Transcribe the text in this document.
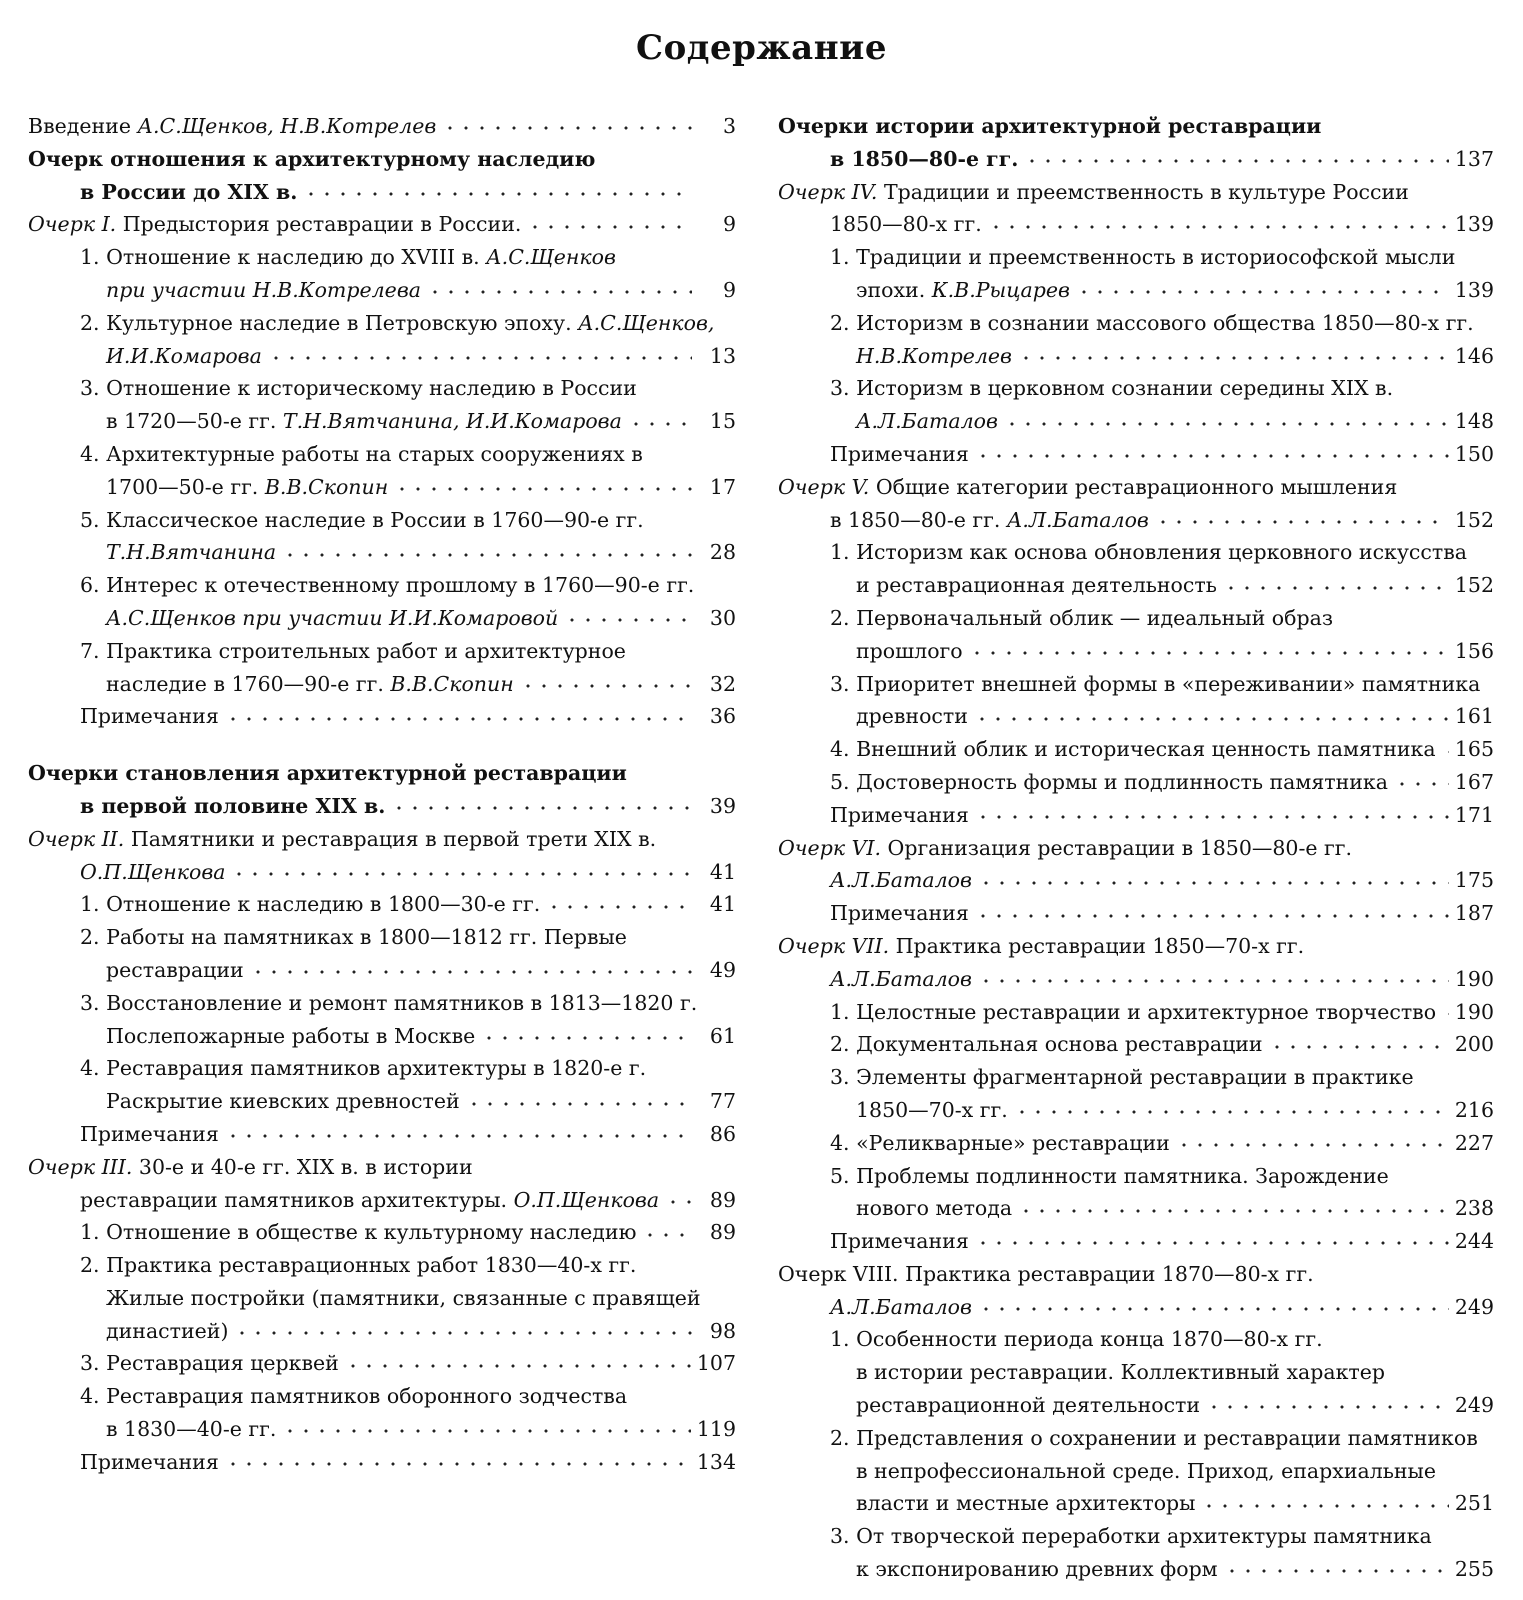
Содержание
Введение А.С.Щенков, Н.В.Котрелев	3
Очерк отношения к архитектурному наследию
в России до XIX в.
Очерк I. Предыстория реставрации в России.	9
1. Отношение к наследию до XVIII в. А.С.Щенков
при участии Н.В.Котрелева	9
2. Культурное наследие в Петровскую эпоху. А.С.Щенков,
И.И.Комарова	13
3. Отношение к историческому наследию в России
в 1720—50-е гг. Т.Н.Вятчанина, И.И.Комарова	15
4. Архитектурные работы на старых сооружениях в
1700—50-е гг. В.В.Скопин	17
5. Классическое наследие в России в 1760—90-е гг.
Т.Н.Вятчанина	28
6. Интерес к отечественному прошлому в 1760—90-е гг.
А.С.Щенков при участии И.И.Комаровой	30
7. Практика строительных работ и архитектурное
наследие в 1760—90-е гг. В.В.Скопин	32
Примечания	36
Очерки становления архитектурной реставрации
в первой половине XIX в.	39
Очерк II. Памятники и реставрация в первой трети XIX в.
О.П.Щенкова	41
1. Отношение к наследию в 1800—30-е гг.	41
2. Работы на памятниках в 1800—1812 гг. Первые
реставрации	49
3. Восстановление и ремонт памятников в 1813—1820 г.
Послепожарные работы в Москве	61
4. Реставрация памятников архитектуры в 1820-е г.
Раскрытие киевских древностей	77
Примечания	86
Очерк III. 30-е и 40-е гг. XIX в. в истории
реставрации памятников архитектуры. О.П.Щенкова	89
1. Отношение в обществе к культурному наследию	89
2. Практика реставрационных работ 1830—40-х гг.
Жилые постройки (памятники, связанные с правящей
династией)	98
3. Реставрация церквей	107
4. Реставрация памятников оборонного зодчества
в 1830—40-е гг.	119
Примечания	134
Очерки истории архитектурной реставрации
в 1850—80-е гг.	137
Очерк IV. Традиции и преемственность в культуре России
1850—80-х гг.	139
1. Традиции и преемственность в историософской мысли
эпохи. К.В.Рыцарев	139
2. Историзм в сознании массового общества 1850—80-х гг.
Н.В.Котрелев	146
3. Историзм в церковном сознании середины XIX в.
А.Л.Баталов	148
Примечания	150
Очерк V. Общие категории реставрационного мышления
в 1850—80-е гг. А.Л.Баталов	152
1. Историзм как основа обновления церковного искусства
и реставрационная деятельность	152
2. Первоначальный облик — идеальный образ
прошлого	156
3. Приоритет внешней формы в «переживании» памятника
древности	161
4. Внешний облик и историческая ценность памятника 165
5. Достоверность формы и подлинность памятника	167
Примечания	171
Очерк VI. Организация реставрации в 1850—80-е гг.
А.Л.Баталов	175
Примечания	187
Очерк VII. Практика реставрации 1850—70-х гг.
А.Л.Баталов	190
1. Целостные реставрации и архитектурное творчество 190
2. Документальная основа реставрации	200
3. Элементы фрагментарной реставрации в практике
1850—70-х гг.	216
4. «Реликварные» реставрации	227
5. Проблемы подлинности памятника. Зарождение
нового метода	238
Примечания	244
Очерк VIII. Практика реставрации 1870—80-х гг.
А.Л.Баталов	249
1. Особенности периода конца 1870—80-х гг.
в истории реставрации. Коллективный характер
реставрационной деятельности	249
2. Представления о сохранении и реставрации памятников
в непрофессиональной среде. Приход, епархиальные
власти и местные архитекторы	251
3. От творческой переработки архитектуры памятника
к экспонированию древних форм	255
